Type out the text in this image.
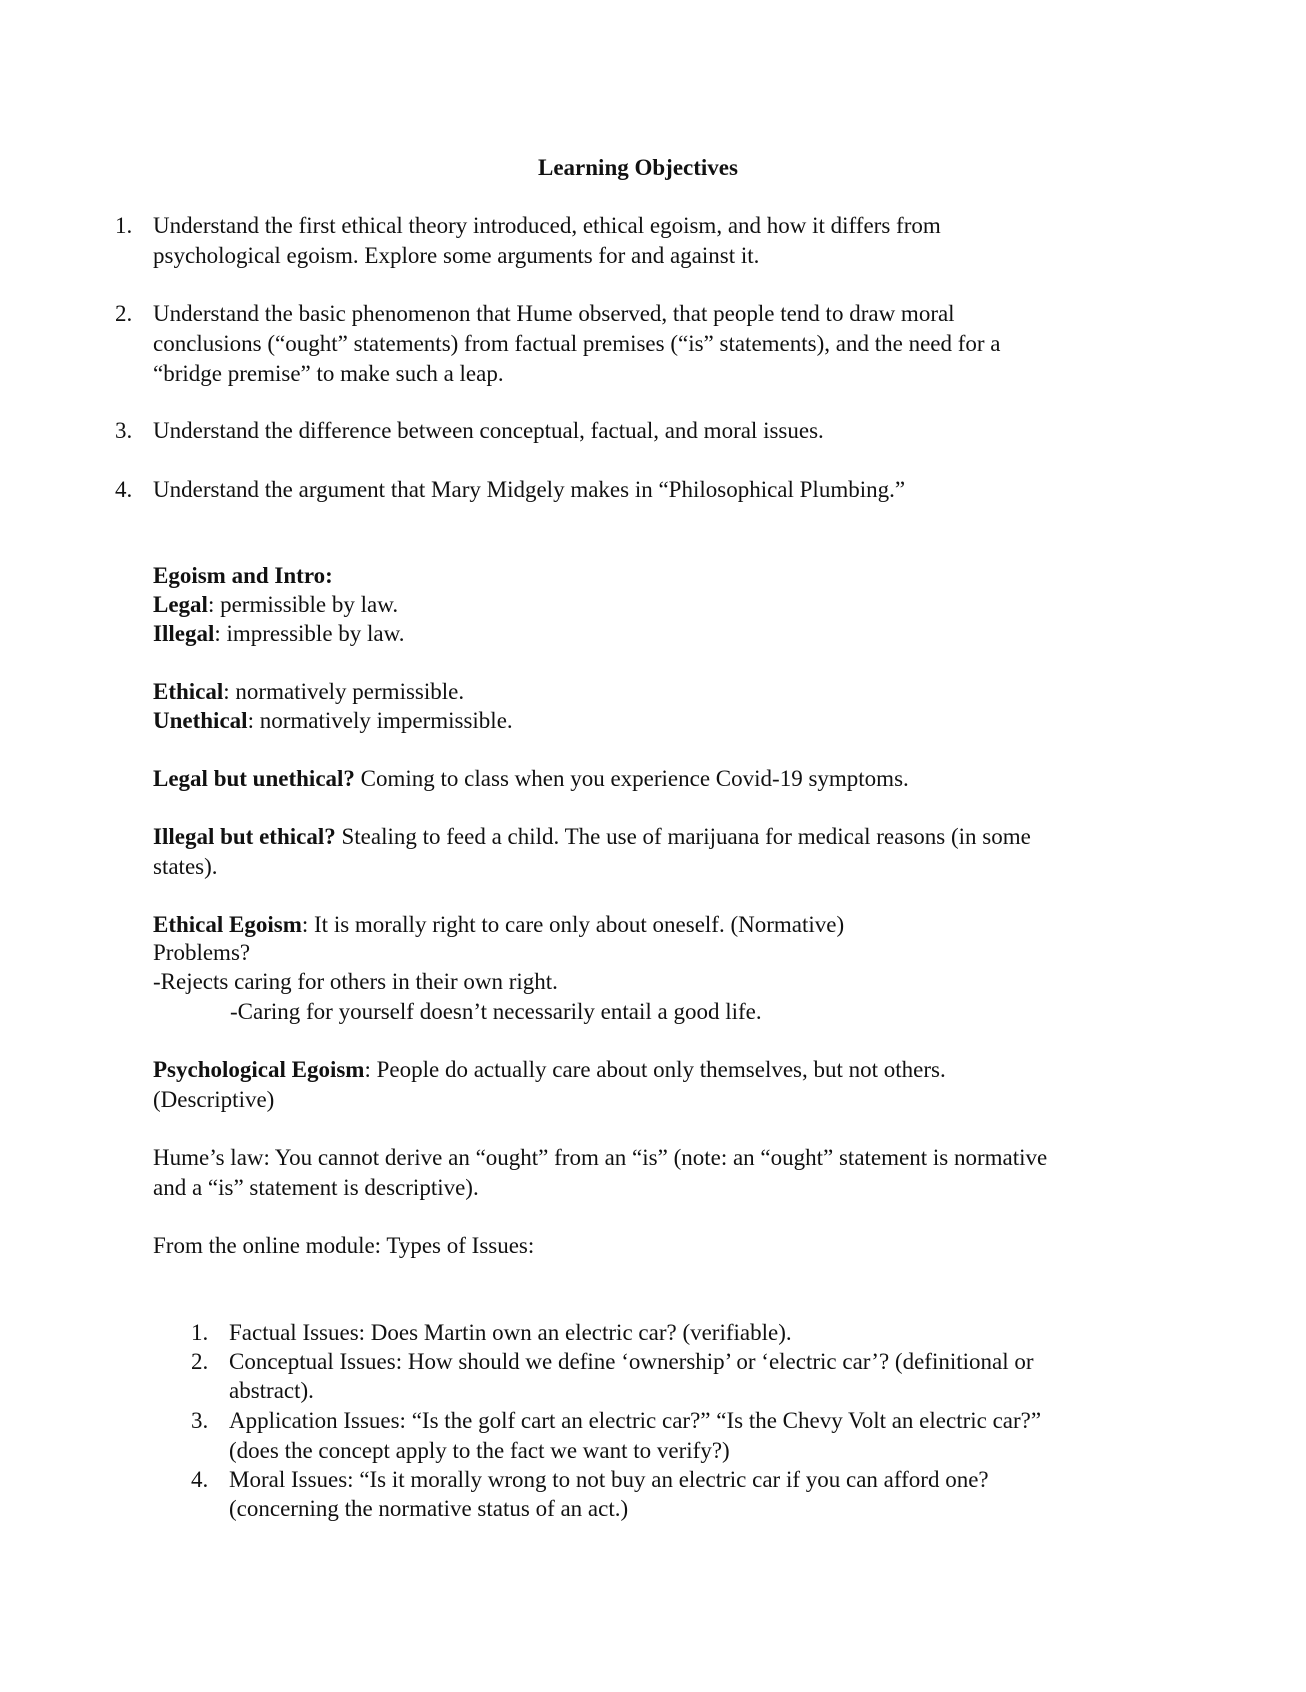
Learning Objectives
1. Understand the first ethical theory introduced, ethical egoism, and how it differs from
psychological egoism. Explore some arguments for and against it.
2. Understand the basic phenomenon that Hume observed, that people tend to draw moral
conclusions (“ought” statements) from factual premises (“is” statements), and the need for a
“bridge premise” to make such a leap.
3. Understand the difference between conceptual, factual, and moral issues.
4. Understand the argument that Mary Midgely makes in “Philosophical Plumbing.”
Egoism and Intro:
Legal: permissible by law.
Illegal: impressible by law.
Ethical: normatively permissible.
Unethical: normatively impermissible.
Legal but unethical? Coming to class when you experience Covid-19 symptoms.
Illegal but ethical? Stealing to feed a child. The use of marijuana for medical reasons (in some
states).
Ethical Egoism: It is morally right to care only about oneself. (Normative)
Problems?
-Rejects caring for others in their own right.
-Caring for yourself doesn’t necessarily entail a good life.
Psychological Egoism: People do actually care about only themselves, but not others.
(Descriptive)
Hume’s law: You cannot derive an “ought” from an “is” (note: an “ought” statement is normative
and a “is” statement is descriptive).
From the online module: Types of Issues:
1. Factual Issues: Does Martin own an electric car? (verifiable).
2. Conceptual Issues: How should we define ‘ownership’ or ‘electric car’? (definitional or
abstract).
3. Application Issues: “Is the golf cart an electric car?” “Is the Chevy Volt an electric car?”
(does the concept apply to the fact we want to verify?)
4. Moral Issues: “Is it morally wrong to not buy an electric car if you can afford one?
(concerning the normative status of an act.)
